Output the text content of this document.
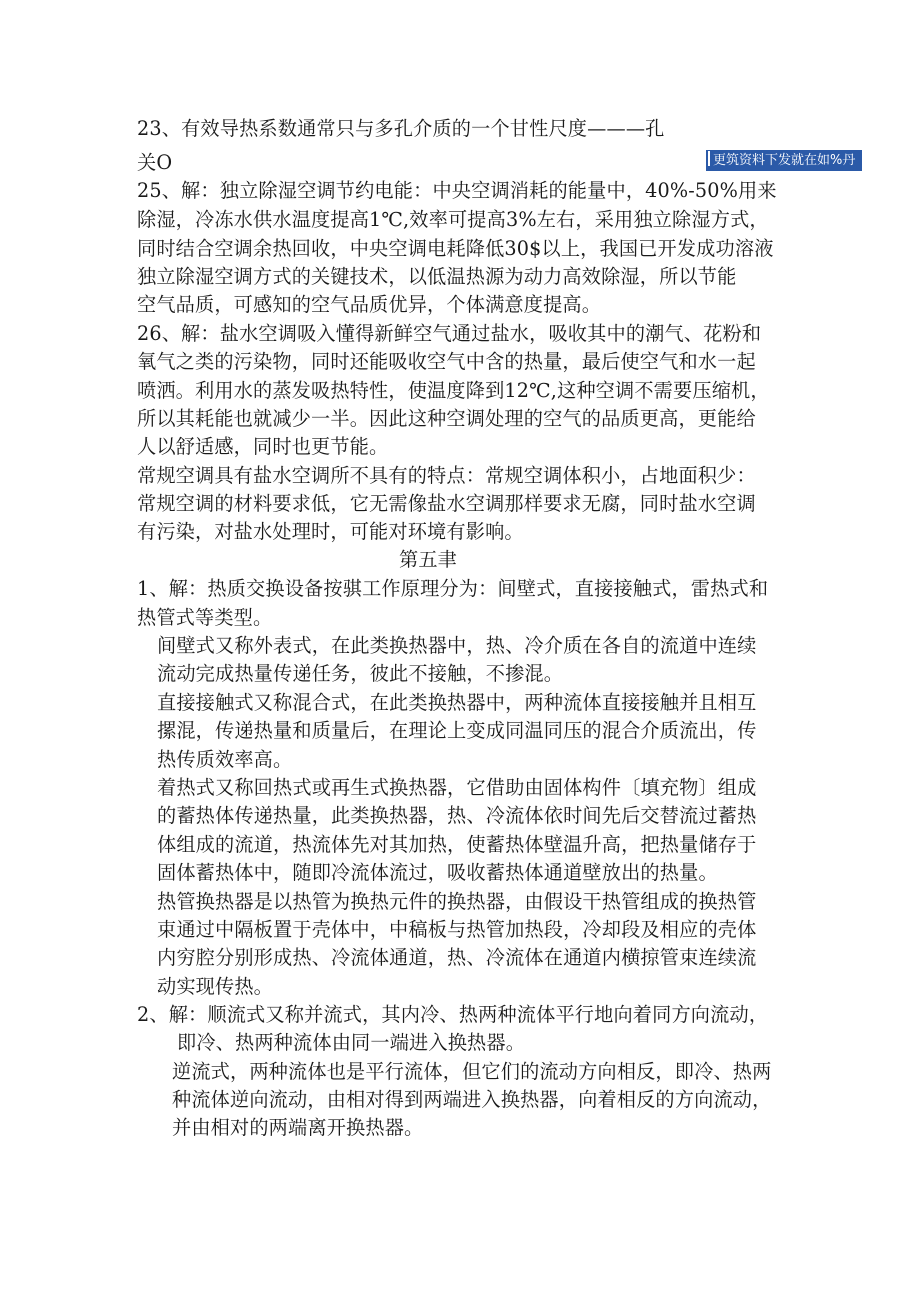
23、有效导热系数通常只与多孔介质的一个甘性尺度———孔
关O	更筑资料下发就在如%丹
25、解：独立除湿空调节约电能：中央空调消耗的能量中，40%-50%用来
除湿，冷冻水供水温度提高1℃,效率可提高3%左右，采用独立除湿方式，
同时结合空调余热回收，中央空调电耗降低30$以上，我国已开发成功溶液
独立除湿空调方式的关键技术，以低温热源为动力高效除湿，所以节能
空气品质，可感知的空气品质优异，个体满意度提高。
26、解：盐水空调吸入懂得新鲜空气通过盐水，吸收其中的潮气、花粉和
氧气之类的污染物，同时还能吸收空气中含的热量，最后使空气和水一起
喷洒。利用水的蒸发吸热特性，使温度降到12℃,这种空调不需要压缩机，
所以其耗能也就减少一半。因此这种空调处理的空气的品质更高，更能给
人以舒适感，同时也更节能。
常规空调具有盐水空调所不具有的特点：常规空调体积小，占地面积少：
常规空调的材料要求低，它无需像盐水空调那样要求无腐，同时盐水空调
有污染，对盐水处理时，可能对环境有影响。
第五聿
1、解：热质交换设备按骐工作原理分为：间壁式，直接接触式，雷热式和
热管式等类型。
间壁式又称外表式，在此类换热器中，热、冷介质在各自的流道中连续
流动完成热量传递任务，彼此不接触，不掺混。
直接接触式又称混合式，在此类换热器中，两种流体直接接触并且相互
摞混，传递热量和质量后，在理论上变成同温同压的混合介质流出，传
热传质效率高。
着热式又称回热式或再生式换热器，它借助由固体构件〔填充物〕组成
的蓄热体传递热量，此类换热器，热、冷流体依时间先后交替流过蓄热
体组成的流道，热流体先对其加热，使蓄热体壁温升高，把热量储存于
固体蓄热体中，随即冷流体流过，吸收蓄热体通道壁放出的热量。
热管换热器是以热管为换热元件的换热器，由假设干热管组成的换热管
束通过中隔板置于壳体中，中稿板与热管加热段，冷却段及相应的壳体
内穷腔分别形成热、冷流体通道，热、冷流体在通道内横掠管束连续流
动实现传热。
2、解：顺流式又称并流式，其内冷、热两种流体平行地向着同方向流动，
即冷、热两种流体由同一端进入换热器。
逆流式，两种流体也是平行流体，但它们的流动方向相反，即冷、热两
种流体逆向流动，由相对得到两端进入换热器，向着相反的方向流动，
并由相对的两端离开换热器。
